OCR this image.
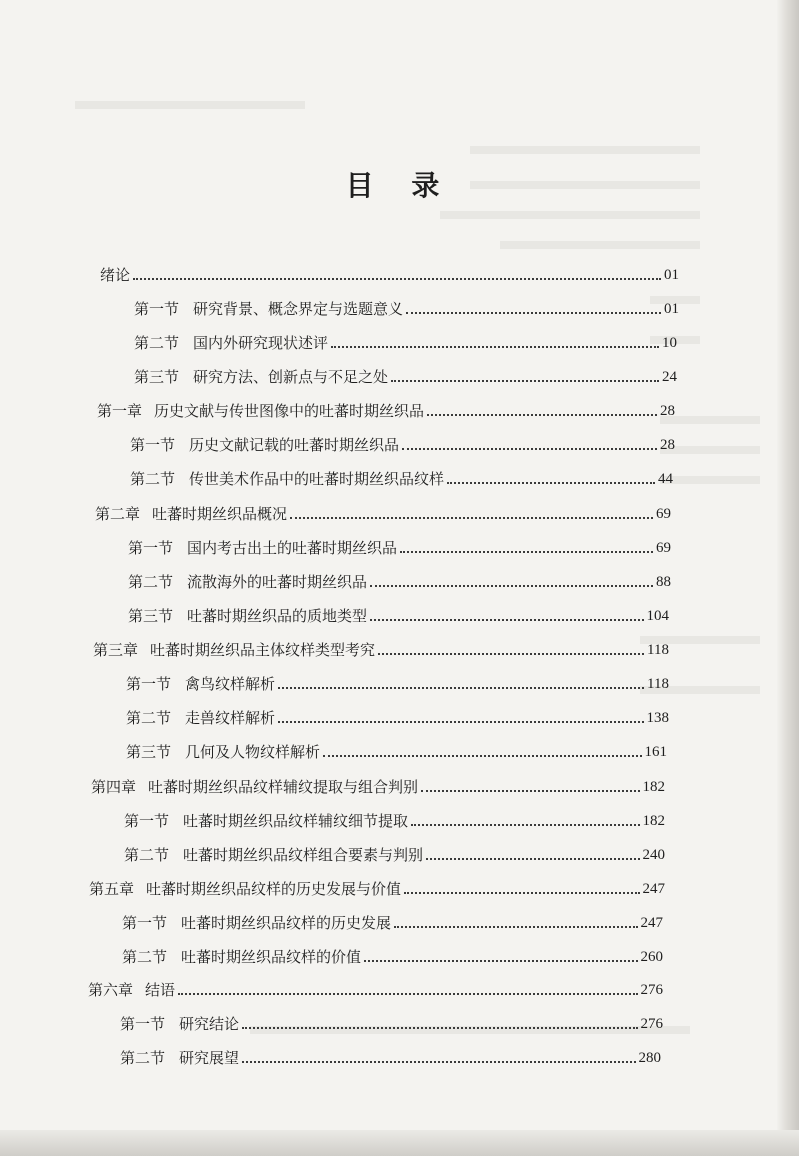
目 录
绪论	01
第一节 研究背景、概念界定与选题意义	01
第二节 国内外研究现状述评	10
第三节 研究方法、创新点与不足之处	24
第一章 历史文献与传世图像中的吐蕃时期丝织品	28
第一节 历史文献记载的吐蕃时期丝织品	28
第二节 传世美术作品中的吐蕃时期丝织品纹样	44
第二章 吐蕃时期丝织品概况	69
第一节 国内考古出土的吐蕃时期丝织品	69
第二节 流散海外的吐蕃时期丝织品	88
第三节 吐蕃时期丝织品的质地类型	104
第三章 吐蕃时期丝织品主体纹样类型考究	118
第一节 禽鸟纹样解析	118
第二节 走兽纹样解析	138
第三节 几何及人物纹样解析	161
第四章 吐蕃时期丝织品纹样辅纹提取与组合判别	182
第一节 吐蕃时期丝织品纹样辅纹细节提取	182
第二节 吐蕃时期丝织品纹样组合要素与判别	240
第五章 吐蕃时期丝织品纹样的历史发展与价值	247
第一节 吐蕃时期丝织品纹样的历史发展	247
第二节 吐蕃时期丝织品纹样的价值	260
第六章 结语	276
第一节 研究结论	276
第二节 研究展望	280
